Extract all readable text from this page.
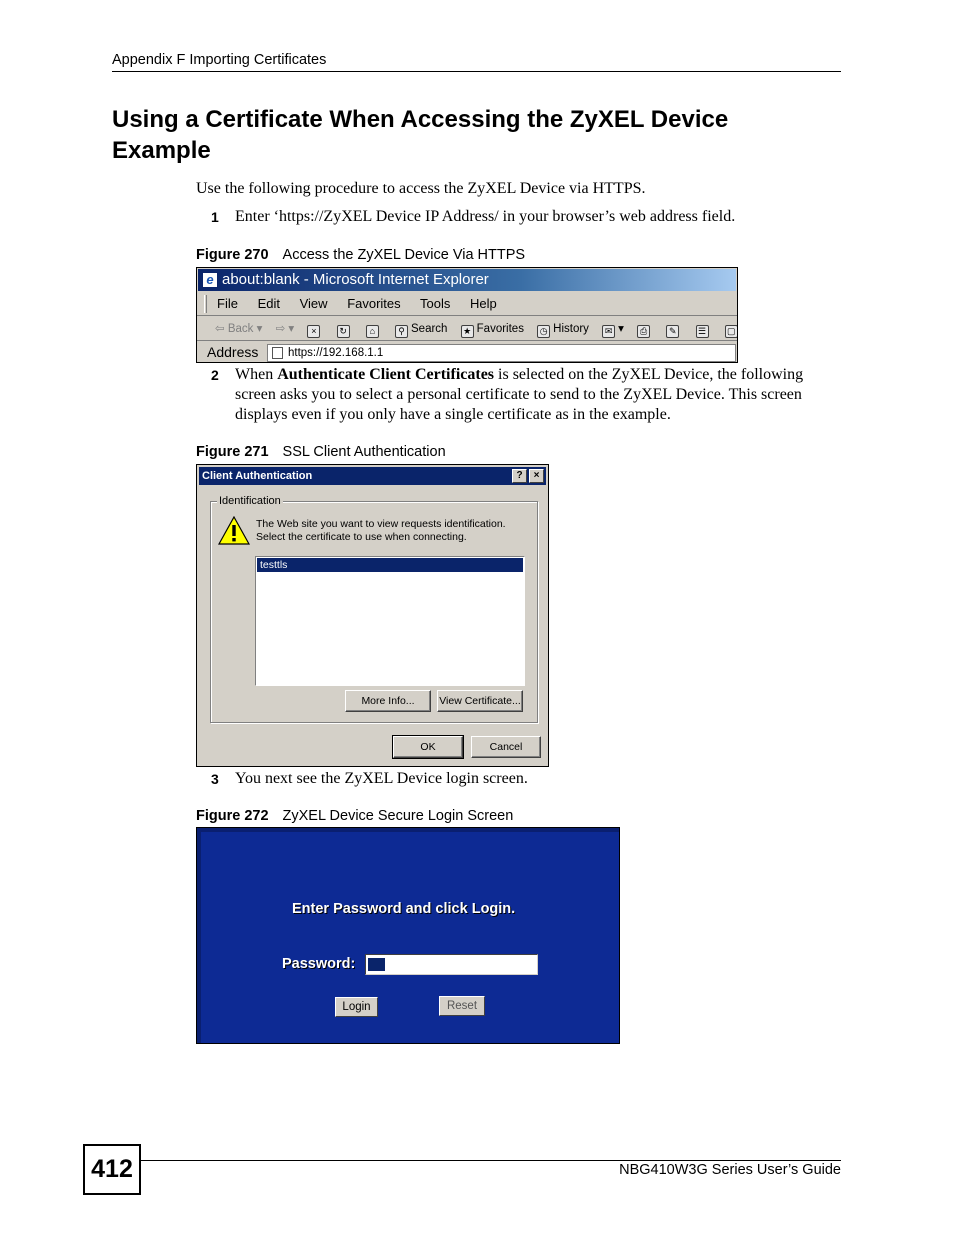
Appendix F Importing Certificates
Using a Certificate When Accessing the ZyXEL Device Example
Use the following procedure to access the ZyXEL Device via HTTPS.
1 Enter ‘https://ZyXEL Device IP Address/ in your browser’s web address field.
Figure 270 Access the ZyXEL Device Via HTTPS
e about:blank - Microsoft Internet Explorer
File Edit View Favorites Tools Help
⇦ Back ▾ ⇨ ▾ ×	↻	⌂	⚲ Search ★ Favorites ◷ History ✉ ▾ ⎙ ✎ ☰ ▢
Address	https://192.168.1.1
2 When Authenticate Client Certificates is selected on the ZyXEL Device, the following screen asks you to select a personal certificate to send to the ZyXEL Device. This screen displays even if you only have a single certificate as in the example.
Figure 271 SSL Client Authentication
Client Authentication	?	×
Identification
The Web site you want to view requests identification.
Select the certificate to use when connecting.
testtls
More Info...	View Certificate...
OK	Cancel
3 You next see the ZyXEL Device login screen.
Figure 272 ZyXEL Device Secure Login Screen
Enter Password and click Login.
Password:
Login	Reset
412	NBG410W3G Series User’s Guide
